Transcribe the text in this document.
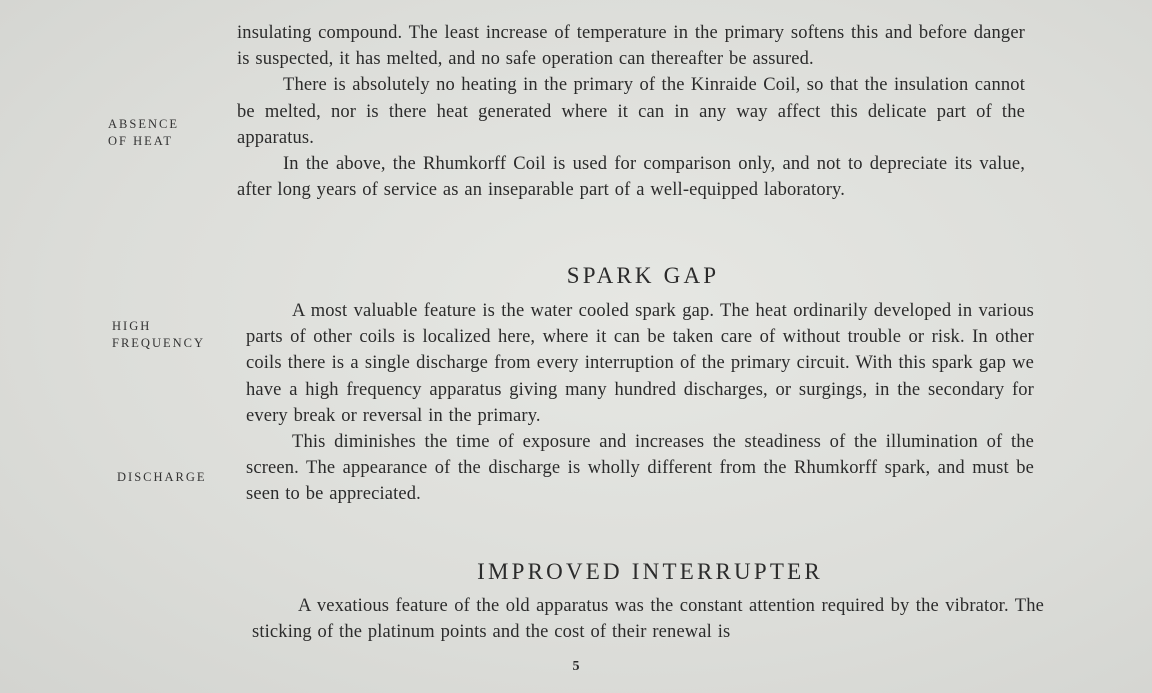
insulating compound. The least increase of temperature in the primary softens this and before danger is suspected, it has melted, and no safe operation can thereafter be assured.

There is absolutely no heating in the primary of the Kinraide Coil, so that the insulation cannot be melted, nor is there heat generated where it can in any way affect this delicate part of the apparatus.

In the above, the Rhumkorff Coil is used for comparison only, and not to depreciate its value, after long years of service as an inseparable part of a well-equipped laboratory.

ABSENCE
OF HEAT
SPARK GAP

A most valuable feature is the water cooled spark gap. The heat ordinarily developed in various parts of other coils is localized here, where it can be taken care of without trouble or risk. In other coils there is a single discharge from every interruption of the primary circuit. With this spark gap we have a high frequency apparatus giving many hundred discharges, or surgings, in the secondary for every break or reversal in the primary.

This diminishes the time of exposure and increases the steadiness of the illumination of the screen. The appearance of the discharge is wholly different from the Rhumkorff spark, and must be seen to be appreciated.

HIGH
FREQUENCY
DISCHARGE
IMPROVED INTERRUPTER

A vexatious feature of the old apparatus was the constant attention required by the vibrator. The sticking of the platinum points and the cost of their renewal is

5
